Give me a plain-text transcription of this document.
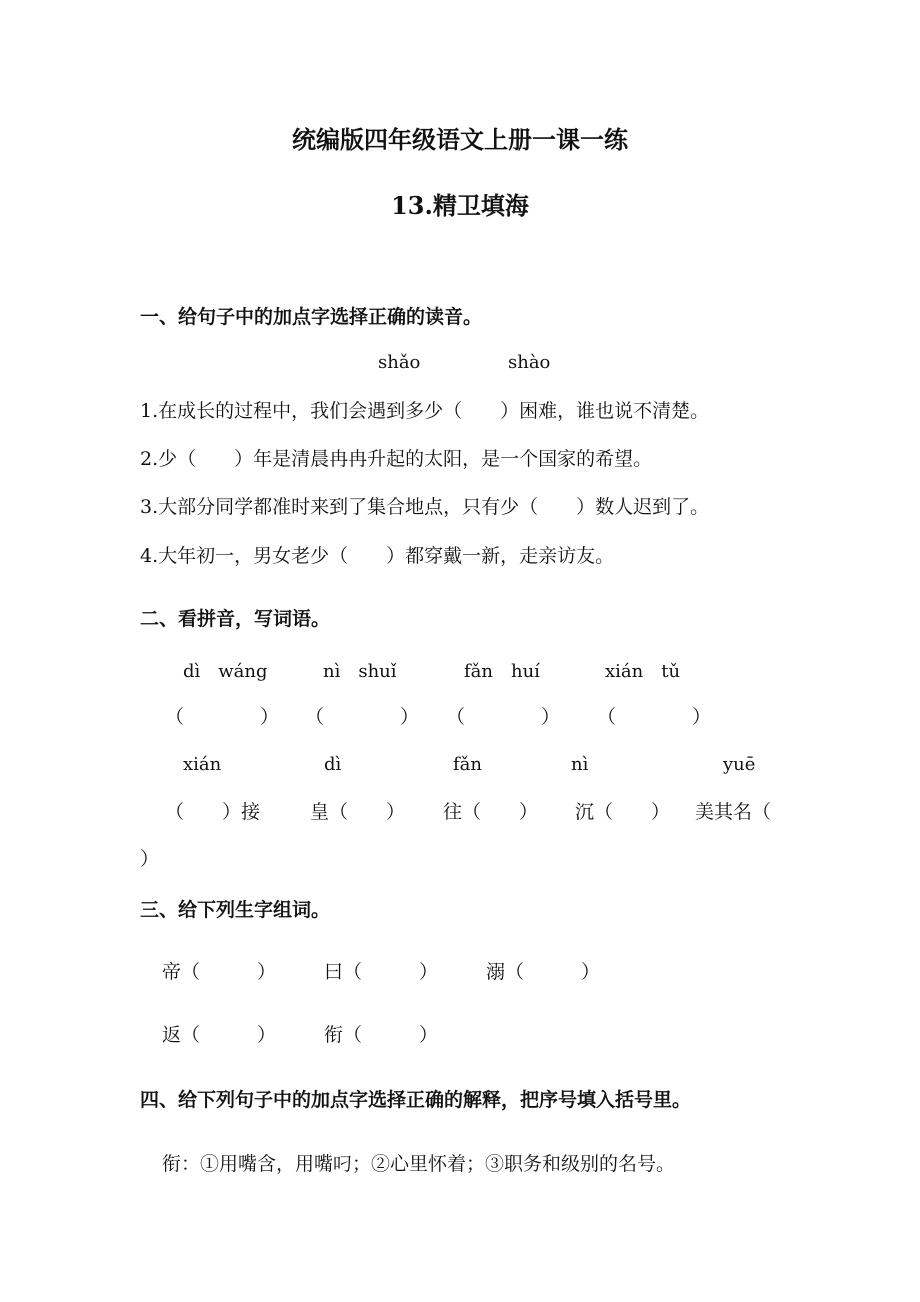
统编版四年级语文上册一课一练
13.精卫填海
一、给句子中的加点字选择正确的读音。
shǎo	shào
1.在成长的过程中，我们会遇到多少（　　）困难，谁也说不清楚。
2.少（　　）年是清晨冉冉升起的太阳，是一个国家的希望。
3.大部分同学都准时来到了集合地点，只有少（　　）数人迟到了。
4.大年初一，男女老少（　　）都穿戴一新，走亲访友。
二、看拼音，写词语。
dì　wáng	nì　shuǐ	fǎn　huí	xián　tǔ
（　　　　） （　　　　） （　　　　） （　　　　）
xián	dì	fǎn	nì	yuē
（　　）接	皇（　　） 往（　　） 沉（　　） 美其名（
）
三、给下列生字组词。
帝（　　　）	曰（　　　）	溺（　　　）
返（　　　）	衔（　　　）
四、给下列句子中的加点字选择正确的解释，把序号填入括号里。
衔：①用嘴含，用嘴叼；②心里怀着；③职务和级别的名号。
